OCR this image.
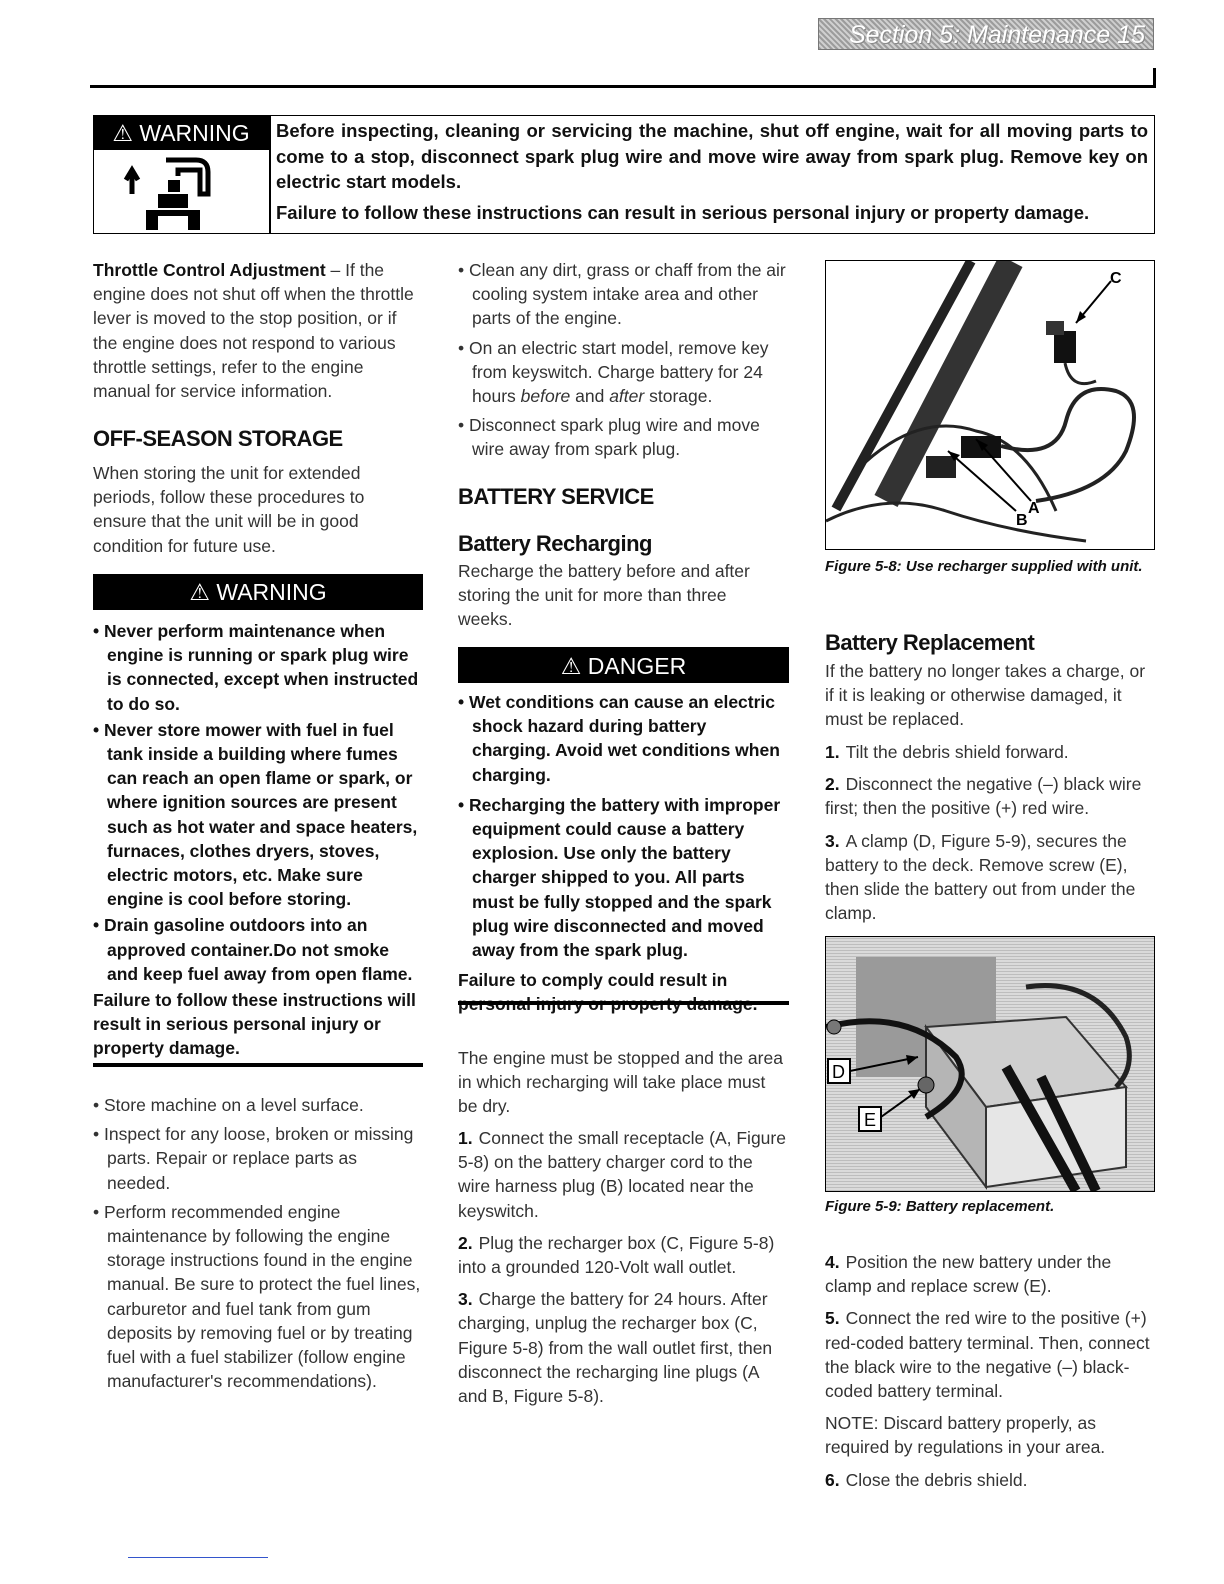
Section 5: Maintenance 15
⚠ WARNING	Before inspecting, cleaning or servicing the machine, shut off engine, wait for all moving parts to come to a stop, disconnect spark plug wire and move wire away from spark plug. Remove key on electric start models.

Failure to follow these instructions can result in serious personal injury or property damage.

Throttle Control Adjustment – If the engine does not shut off when the throttle lever is moved to the stop position, or if the engine does not respond to various throttle settings, refer to the engine manual for service information.
OFF-SEASON STORAGE

When storing the unit for extended periods, follow these procedures to ensure that the unit will be in good condition for future use.

⚠ WARNING

• Never perform maintenance when engine is running or spark plug wire is connected, except when instructed to do so.

• Never store mower with fuel in fuel tank inside a building where fumes can reach an open flame or spark, or where ignition sources are present such as hot water and space heaters, furnaces, clothes dryers, stoves, electric motors, etc. Make sure engine is cool before storing.

• Drain gasoline outdoors into an approved container.Do not smoke and keep fuel away from open flame.

Failure to follow these instructions will result in serious personal injury or property damage.

• Store machine on a level surface.

• Inspect for any loose, broken or missing parts. Repair or replace parts as needed.

• Perform recommended engine maintenance by following the engine storage instructions found in the engine manual. Be sure to protect the fuel lines, carburetor and fuel tank from gum deposits by removing fuel or by treating fuel with a fuel stabilizer (follow engine manufacturer's recommendations).

• Clean any dirt, grass or chaff from the air cooling system intake area and other parts of the engine.

• On an electric start model, remove key from keyswitch. Charge battery for 24 hours before and after storage.

• Disconnect spark plug wire and move wire away from spark plug.

BATTERY SERVICE
Battery Recharging

Recharge the battery before and after storing the unit for more than three weeks.

⚠ DANGER

• Wet conditions can cause an electric shock hazard during battery charging. Avoid wet conditions when charging.

• Recharging the battery with improper equipment could cause a battery explosion. Use only the battery charger shipped to you. All parts must be fully stopped and the spark plug wire disconnected and moved away from the spark plug.

Failure to comply could result in

The engine must be stopped and the area in which recharging will take place must be dry.

1. Connect the small receptacle (A, Figure 5-8) on the battery charger cord to the wire harness plug (B) located near the keyswitch.

2. Plug the recharger box (C, Figure 5-8) into a grounded 120-Volt wall outlet.

3. Charge the battery for 24 hours. After charging, unplug the recharger box (C, Figure 5-8) from the wall outlet first, then disconnect the recharging line plugs (A and B, Figure 5-8).

C
B
A

Figure 5-8: Use recharger supplied with unit.

Battery Replacement

If the battery no longer takes a charge, or if it is leaking or otherwise damaged, it must be replaced.

1. Tilt the debris shield forward.

2. Disconnect the negative (–) black wire first; then the positive (+) red wire.

3. A clamp (D, Figure 5-9), secures the battery to the deck. Remove screw (E), then slide the battery out from under the clamp.

D
E

Figure 5-9: Battery replacement.

4. Position the new battery under the clamp and replace screw (E).

5. Connect the red wire to the positive (+) red-coded battery terminal. Then, connect the black wire to the negative (–) black-coded battery terminal.

NOTE: Discard battery properly, as required by regulations in your area.

6. Close the debris shield.
